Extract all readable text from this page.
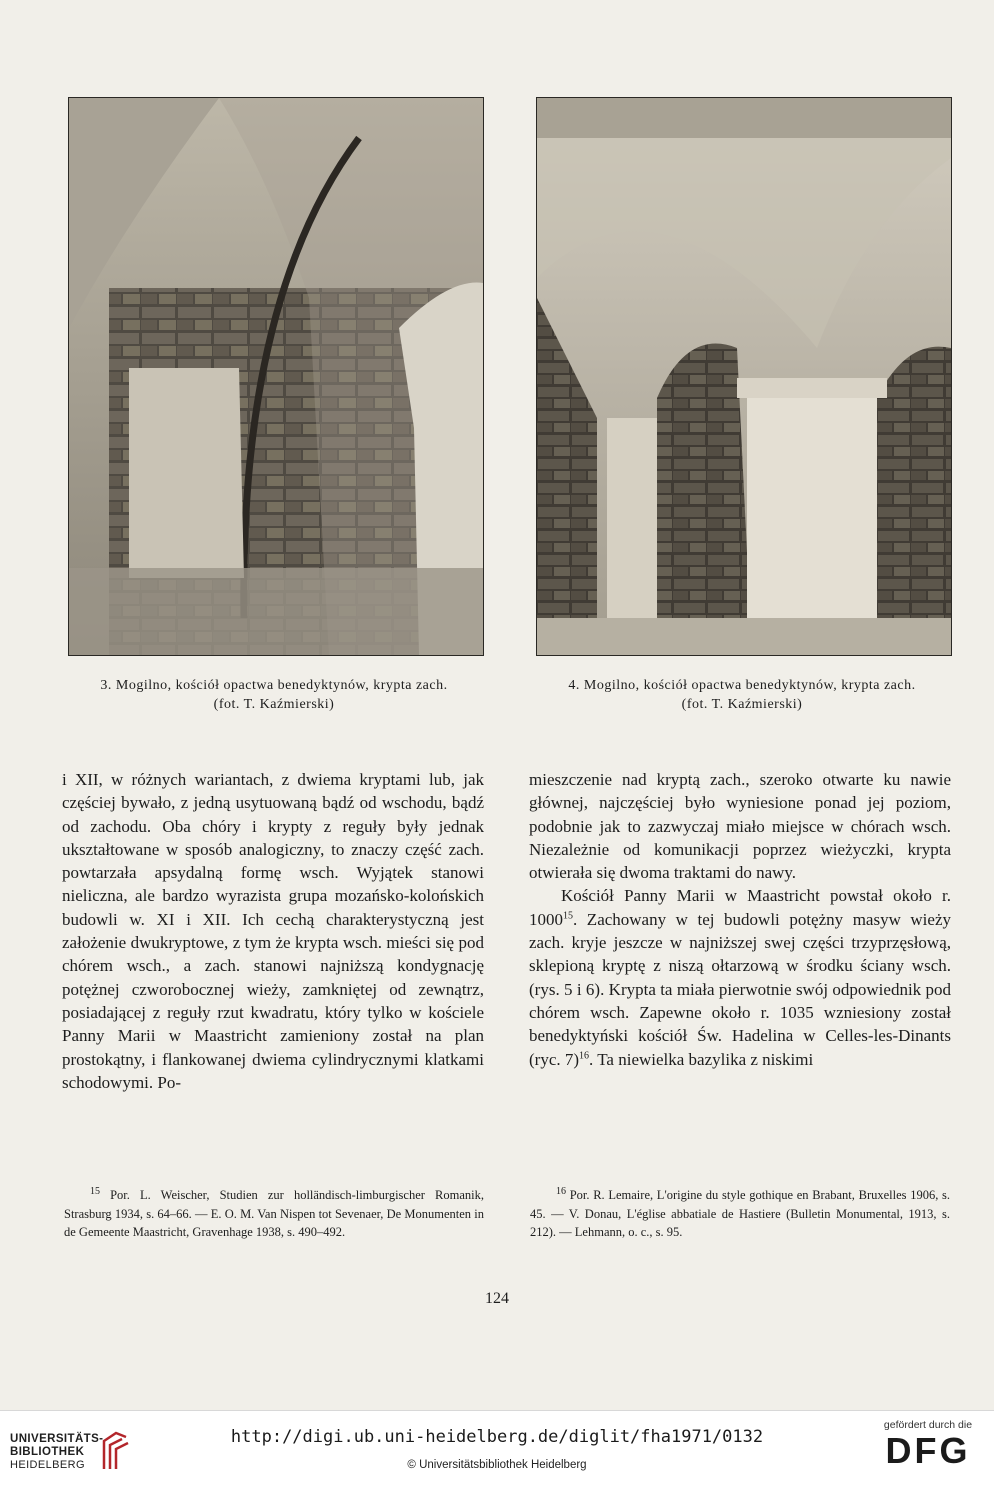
3. Mogilno, kościół opactwa benedyktynów, krypta zach.
(fot. T. Kaźmierski)
4. Mogilno, kościół opactwa benedyktynów, krypta zach.
(fot. T. Kaźmierski)

i XII, w różnych wariantach, z dwiema kryptami lub, jak częściej bywało, z jedną usytuowaną bądź od wschodu, bądź od zachodu. Oba chóry i krypty z reguły były jednak ukształtowane w sposób analogiczny, to znaczy część zach. powtarzała apsydalną formę wsch. Wyjątek stanowi nieliczna, ale bardzo wyrazista grupa mozańsko-kolońskich budowli w. XI i XII. Ich cechą charakterystyczną jest założenie dwukryptowe, z tym że krypta wsch. mieści się pod chórem wsch., a zach. stanowi najniższą kondygnację potężnej czworobocznej wieży, zamkniętej od zewnątrz, posiadającej z reguły rzut kwadratu, który tylko w kościele Panny Marii w Maastricht zamieniony został na plan prostokątny, i flankowanej dwiema cylindrycznymi klatkami schodowymi. Po-

mieszczenie nad kryptą zach., szeroko otwarte ku nawie głównej, najczęściej było wyniesione ponad jej poziom, podobnie jak to zazwyczaj miało miejsce w chórach wsch. Niezależnie od komunikacji poprzez wieżyczki, krypta otwierała się dwoma traktami do nawy.

Kościół Panny Marii w Maastricht powstał około r. 1000$^{15}$. Zachowany w tej budowli potężny masyw wieży zach. kryje jeszcze w najniższej swej części trzyprzęsłową, sklepioną kryptę z niszą ołtarzową w środku ściany wsch. (rys. 5 i 6). Krypta ta miała pierwotnie swój odpowiednik pod chórem wsch. Zapewne około r. 1035 wzniesiony został benedyktyński kościół Św. Hadelina w Celles-les-Dinants (ryc. 7)$^{16}$. Ta niewielka bazylika z niskimi

$^{15}$ Por. L. Weischer, Studien zur holländisch-limburgischer Romanik, Strasburg 1934, s. 64–66. — E. O. M. Van Nispen tot Sevenaer, De Monumenten in de Gemeente Maastricht, Gravenhage 1938, s. 490–492.

$^{16}$ Por. R. Lemaire, L'origine du style gothique en Brabant, Bruxelles 1906, s. 45. — V. Donau, L'église abbatiale de Hastiere (Bulletin Monumental, 1913, s. 212). — Lehmann, o. c., s. 95.

124
UNIVERSITÄTS-
BIBLIOTHEK
HEIDELBERG
http://digi.ub.uni-heidelberg.de/diglit/fha1971/0132
© Universitätsbibliothek Heidelberg
gefördert durch die
DFG
